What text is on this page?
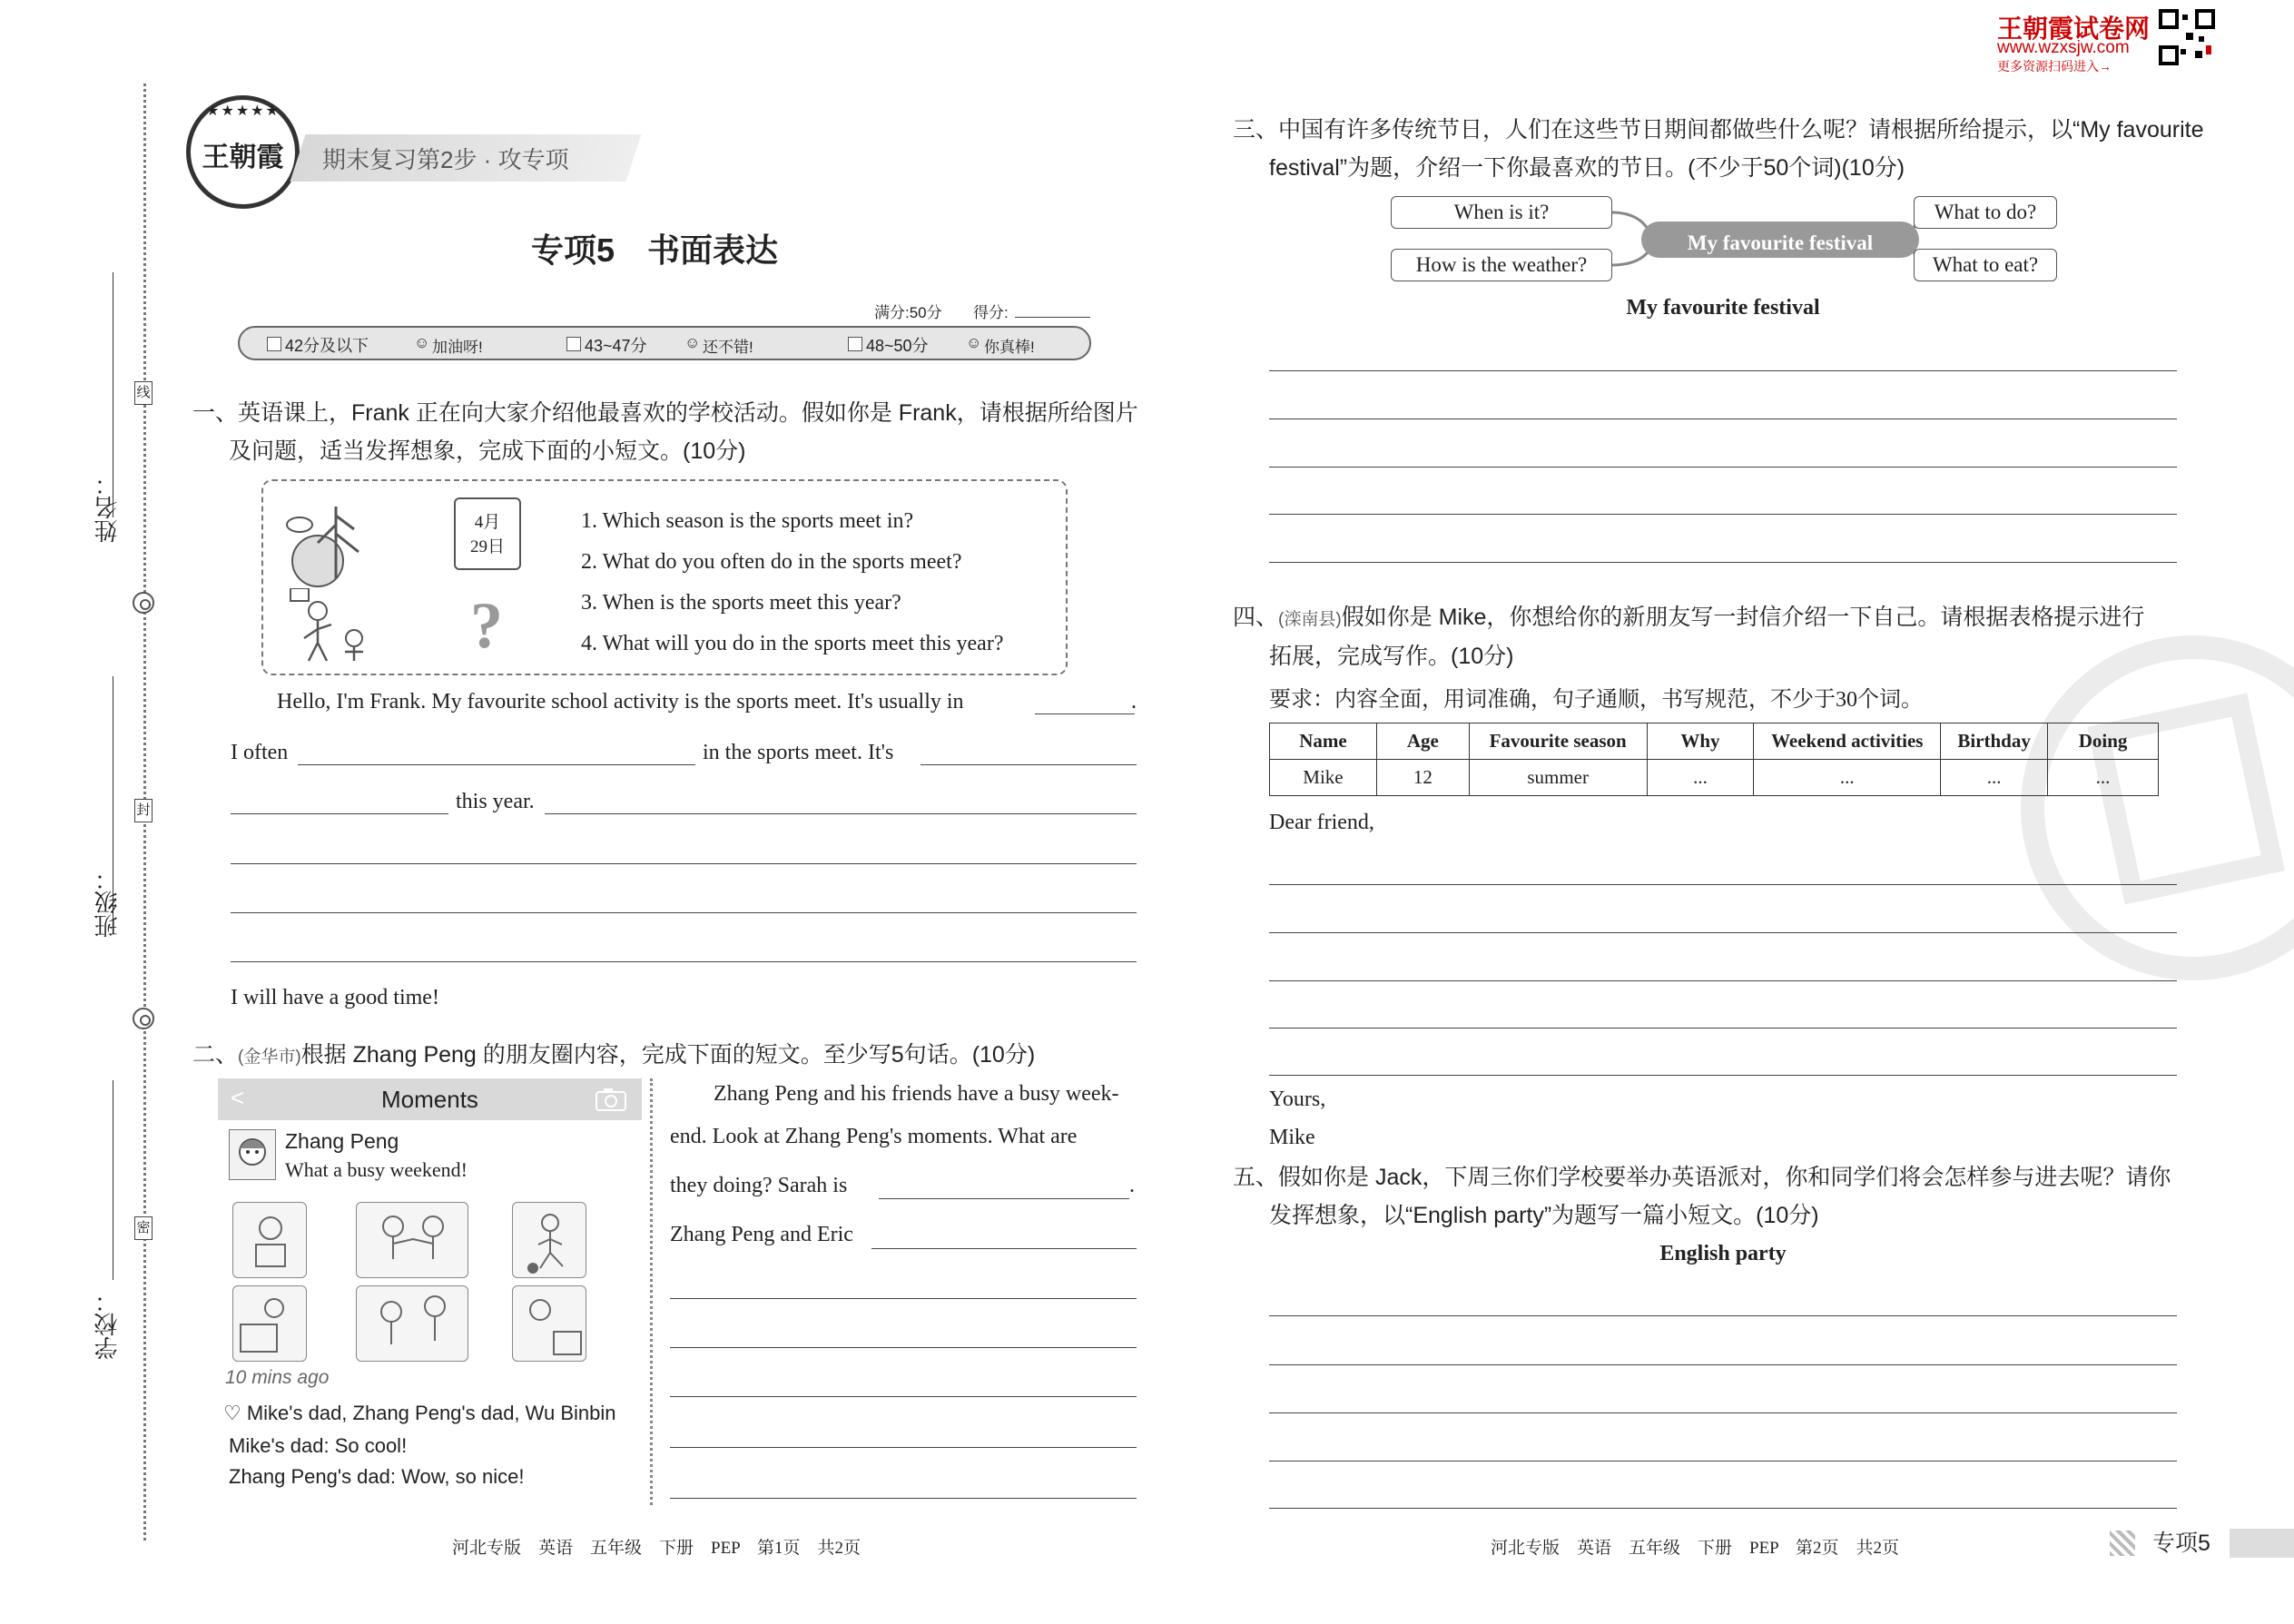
姓名：
班级：
学校：
线
封
密
王朝霞
★★★★★
期末复习第2步 · 攻专项
专项5　书面表达
满分:50分 得分:
42分及以下	☺ 加油呀!	43~47分 ☺ 还不错!	48~50分 ☺ 你真棒!
一、英语课上，Frank 正在向大家介绍他最喜欢的学校活动。假如你是 Frank，请根据所给图片
及问题，适当发挥想象，完成下面的小短文。(10分)
4月
29日
?
1. Which season is the sports meet in?
2. What do you often do in the sports meet?
3. When is the sports meet this year?
4. What will you do in the sports meet this year?
Hello, I'm Frank. My favourite school activity is the sports meet. It's usually in	.
I often	in the sports meet. It's
this year.
I will have a good time!
二、(金华市)根据 Zhang Peng 的朋友圈内容，完成下面的短文。至少写5句话。(10分)
<	Moments
Zhang Peng
What a busy weekend!
10 mins ago
♡ Mike's dad, Zhang Peng's dad, Wu Binbin
Mike's dad: So cool!
Zhang Peng's dad: Wow, so nice!
Zhang Peng and his friends have a busy week-
end. Look at Zhang Peng's moments. What are
they doing? Sarah is	.
Zhang Peng and Eric
河北专版　英语　五年级　下册　PEP　第1页　共2页
王朝霞试卷网
www.wzxsjw.com
更多资源扫码进入→
三、中国有许多传统节日，人们在这些节日期间都做些什么呢？请根据所给提示，以“My favourite
festival”为题，介绍一下你最喜欢的节日。(不少于50个词)(10分)
My favourite festival
When is it?
How is the weather?
What to do?
What to eat?
My favourite festival
四、(滦南县)假如你是 Mike，你想给你的新朋友写一封信介绍一下自己。请根据表格提示进行
拓展，完成写作。(10分)
要求：内容全面，用词准确，句子通顺，书写规范，不少于30个词。
Name	Age	Favourite season	Why	Weekend activities	Birthday	Doing
Mike	12	summer	...	...	...	...
Dear friend,
Yours,
Mike
五、假如你是 Jack，下周三你们学校要举办英语派对，你和同学们将会怎样参与进去呢？请你
发挥想象，以“English party”为题写一篇小短文。(10分)
English party
河北专版　英语　五年级　下册　PEP　第2页　共2页	专项5
